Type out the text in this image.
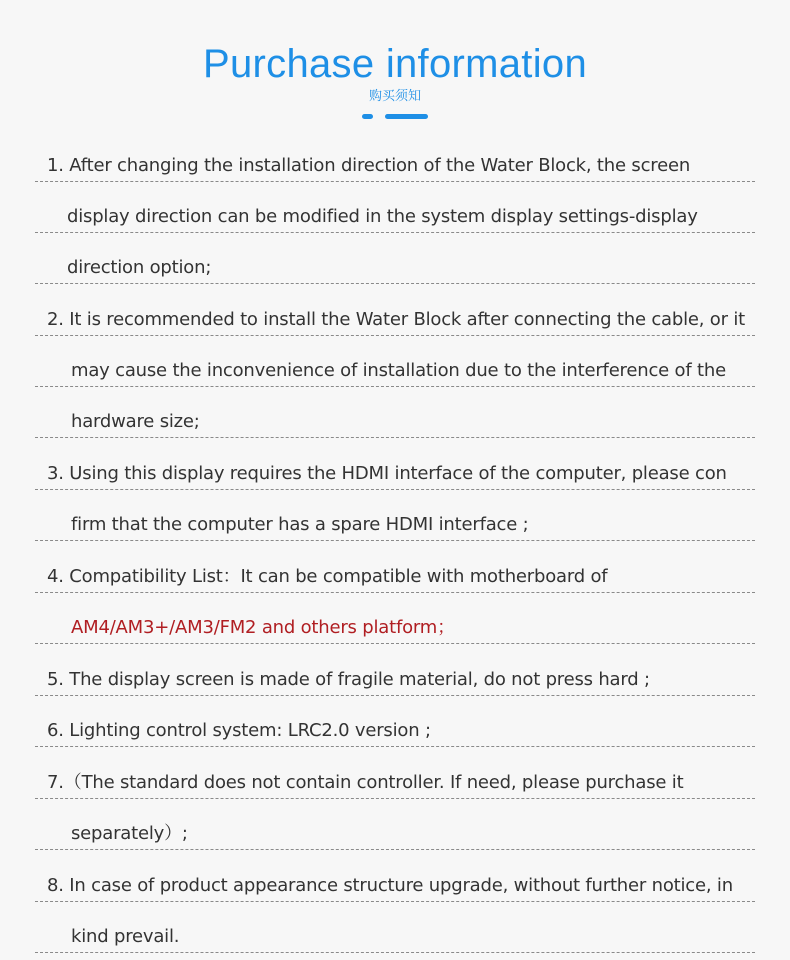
Purchase information
购买须知
1. After changing the installation direction of the Water Block, the screen
display direction can be modified in the system display settings-display
direction option;
2. It is recommended to install the Water Block after connecting the cable, or it
may cause the inconvenience of installation due to the interference of the
hardware size;
3. Using this display requires the HDMI interface of the computer, please con
firm that the computer has a spare HDMI interface ;
4. Compatibility List：It can be compatible with motherboard of
AM4/AM3+/AM3/FM2 and others platform；
5. The display screen is made of fragile material, do not press hard ;
6. Lighting control system: LRC2.0 version ;
7.（The standard does not contain controller. If need, please purchase it
separately）;
8. In case of product appearance structure upgrade, without further notice, in
kind prevail.
